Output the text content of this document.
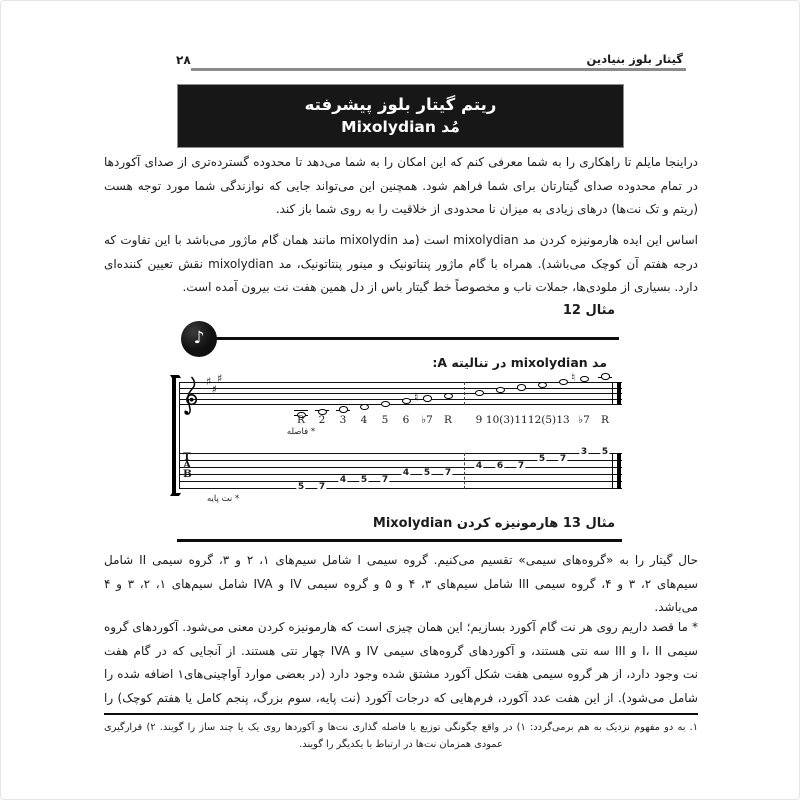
۲۸	گیتار بلوز بنیادین
ریتم گیتار بلوز پیشرفته
مُد Mixolydian
دراینجا مایلم تا راهکاری را به شما معرفی کنم که این امکان را به شما می‌دهد تا محدوده گسترده‌تری از صدای آکوردها
در تمام محدوده صدای گیتارتان برای شما فراهم شود. همچنین این می‌تواند جایی که نوازندگی شما مورد توجه هست
(ریتم و تک نت‌ها) درهای زیادی به میزان نا محدودی از خلاقیت را به روی شما باز کند.
اساس این ایده هارمونیزه کردن مد mixolydian است (مد mixolydin مانند همان گام ماژور می‌باشد با این تفاوت که
درجه هفتم آن کوچک می‌باشد). همراه با گام ماژور پنتاتونیک و مینور پنتاتونیک، مد mixolydian نقش تعیین کننده‌ای
دارد. بسیاری از ملودی‌ها، جملات ناب و مخصوصاً خط گیتار باس از دل همین هفت نت بیرون آمده است.
مثال 12
♪
مد mixolydian در تنالیته A:
* فاصله
* نت پایه
♯
♯
♯
T
A
B
R
5
2
7
3
4
4
5
5
7
6
4
♮
♭7
5
R
7
9
4
10(3)
6
11
7
12(5)
5
13
7
♮
♭7
3
R
5
مثال 13 هارمونیزه کردن Mixolydian
حال گیتار را به «گروه‌های سیمی» تقسیم می‌کنیم. گروه سیمی I شامل سیم‌های ۱، ۲ و ۳، گروه سیمی II شامل
سیم‌های ۲، ۳ و ۴، گروه سیمی III شامل سیم‌های ۳، ۴ و ۵ و گروه سیمی IV و IVA شامل سیم‌های ۱، ۲، ۳ و ۴
می‌باشد.
* ما قصد داریم روی هر نت گام آکورد بسازیم؛ این همان چیزی است که هارمونیزه کردن معنی می‌شود. آکوردهای گروه
سیمی I، II و III سه نتی هستند، و آکوردهای گروه‌های سیمی IV و IVA چهار نتی هستند. از آنجایی که در گام هفت
نت وجود دارد، از هر گروه سیمی هفت شکل آکورد مشتق شده وجود دارد (در بعضی موارد آواچینی‌های۱ اضافه شده را
شامل می‌شود). از این هفت عدد آکورد، فرم‌هایی که درجات آکورد (نت پایه، سوم بزرگ، پنجم کامل یا هفتم کوچک) را
۱. به دو مفهوم نزدیک به هم برمی‌گردد: ۱) در واقع چگونگی توزیع یا فاصله گذاری نت‌ها و آکوردها روی یک یا چند ساز را گویند. ۲) قرارگیری
عمودی همزمان نت‌ها در ارتباط با یکدیگر را گویند.
